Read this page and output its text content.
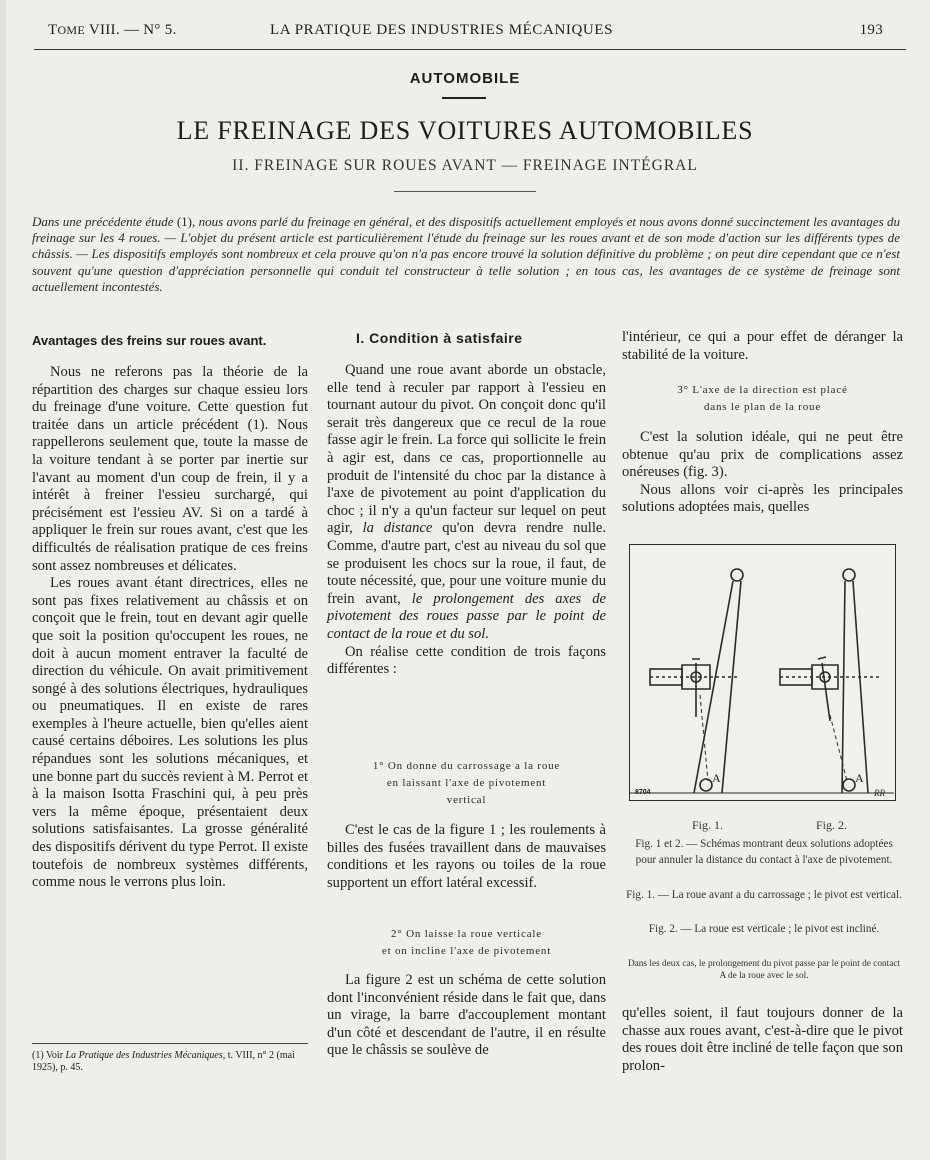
TOME VIII. — N° 5.	LA PRATIQUE DES INDUSTRIES MÉCANIQUES	193
AUTOMOBILE
LE FREINAGE DES VOITURES AUTOMOBILES
II. FREINAGE SUR ROUES AVANT — FREINAGE INTÉGRAL

Dans une précédente étude (1), nous avons parlé du freinage en général, et des dispositifs actuellement employés et nous avons donné succinctement les avantages du freinage sur les 4 roues. — L'objet du présent article est particulièrement l'étude du freinage sur les roues avant et de son mode d'action sur les différents types de châssis. — Les dispositifs employés sont nombreux et cela prouve qu'on n'a pas encore trouvé la solution définitive du problème ; on peut dire cependant que ce n'est souvent qu'une question d'appréciation personnelle qui conduit tel constructeur à telle solution ; en tous cas, les avantages de ce système de freinage sont actuellement incontestés.

Avantages des freins sur roues avant.

Nous ne referons pas la théorie de la répartition des charges sur chaque essieu lors du freinage d'une voiture. Cette question fut traitée dans un article précédent (1). Nous rappellerons seulement que, toute la masse de la voiture tendant à se porter par inertie sur l'avant au moment d'un coup de frein, il y a intérêt à freiner l'essieu surchargé, qui précisément est l'essieu AV. Si on a tardé à appliquer le frein sur roues avant, c'est que les difficultés de réalisation pratique de ces freins sont assez nombreuses et délicates.

Les roues avant étant directrices, elles ne sont pas fixes relativement au châssis et on conçoit que le frein, tout en devant agir quelle que soit la position qu'occupent les roues, ne doit à aucun moment entraver la faculté de direction du véhicule. On avait primitivement songé à des solutions électriques, hydrauliques ou pneumatiques. Il en existe de rares exemples à l'heure actuelle, bien qu'elles aient causé certains déboires. Les solutions les plus répandues sont les solutions mécaniques, et une bonne part du succès revient à M. Perrot et à la maison Isotta Fraschini qui, à peu près vers la même époque, présentaient deux solutions satisfaisantes. La grosse généralité des dispositifs dérivent du type Perrot. Il existe toutefois de nombreux systèmes différents, comme nous le verrons plus loin.

(1) Voir La Pratique des Industries Mécaniques, t. VIII, n° 2 (mai 1925), p. 45.
I. Condition à satisfaire

Quand une roue avant aborde un obstacle, elle tend à reculer par rapport à l'essieu en tournant autour du pivot. On conçoit donc qu'il serait très dangereux que ce recul de la roue fasse agir le frein. La force qui sollicite le frein à agir est, dans ce cas, proportionnelle au produit de l'intensité du choc par la distance à l'axe de pivotement au point d'application du choc ; il n'y a qu'un facteur sur lequel on peut agir, la distance qu'on devra rendre nulle. Comme, d'autre part, c'est au niveau du sol que se produisent les chocs sur la roue, il faut, de toute nécessité, que, pour une voiture munie du frein avant, le prolongement des axes de pivotement des roues passe par le point de contact de la roue et du sol.

On réalise cette condition de trois façons différentes :

1° On donne du carrossage a la roue
en laissant l'axe de pivotement
vertical

C'est le cas de la figure 1 ; les roulements à billes des fusées travaillent dans de mauvaises conditions et les rayons ou toiles de la roue supportent un effort latéral excessif.

2° On laisse la roue verticale
et on incline l'axe de pivotement

La figure 2 est un schéma de cette solution dont l'inconvénient réside dans le fait que, dans un virage, la barre d'accouplement montant d'un côté et descendant de l'autre, il en résulte que le châssis se soulève de

l'intérieur, ce qui a pour effet de déranger la stabilité de la voiture.

3° L'axe de la direction est placé
dans le plan de la roue

C'est la solution idéale, qui ne peut être obtenue qu'au prix de complications assez onéreuses (fig. 3).

Nous allons voir ci-après les principales solutions adoptées mais, quelles

A	A
RR
8704
Fig. 1.	Fig. 2.
Fig. 1 et 2. — Schémas montrant deux solutions adoptées pour annuler la distance du contact à l'axe de pivotement.
Fig. 1. — La roue avant a du carrossage ; le pivot est vertical.
Fig. 2. — La roue est verticale ; le pivot est incliné.
Dans les deux cas, le prolongement du pivot passe par le point de contact A de la roue avec le sol.

qu'elles soient, il faut toujours donner de la chasse aux roues avant, c'est-à-dire que le pivot des roues doit être incliné de telle façon que son prolon-
